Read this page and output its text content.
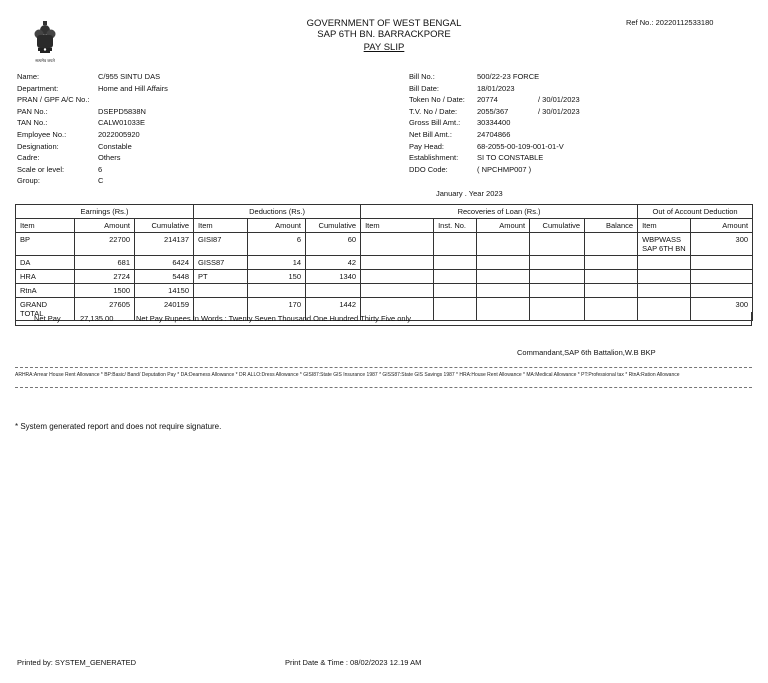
सत्यमेव जयते
GOVERNMENT OF WEST BENGAL
SAP 6TH BN. BARRACKPORE
PAY SLIP
Ref No.: 20220112533180
Name:	C/955 SINTU DAS
Department:	Home and Hill Affairs
PRAN / GPF A/C No.:
PAN No.:	DSEPD5838N
TAN No.:	CALW01033E
Employee No.:	2022005920
Designation:	Constable
Cadre:	Others
Scale or level:	6
Group:	C
Bill No.:	500/22-23 FORCE
Bill Date:	18/01/2023
Token No / Date: 20774	/ 30/01/2023
T.V. No / Date:	2055/367	/ 30/01/2023
Gross Bill Amt.: 30334400
Net Bill Amt.:	24704866
Pay Head:	68-2055-00-109-001-01-V
Establishment:	SI TO CONSTABLE
DDO Code:	( NPCHMP007 )
January . Year 2023
Earnings (Rs.)			Deductions (Rs.)			Recoveries of Loan (Rs.)					Out of Account Deduction	
Item	Amount	Cumulative	Item	Amount	Cumulative	Item	Inst. No.	Amount	Cumulative	Balance	Item	Amount
BP	22700	214137	GISI87	6	60						WBPWASS SAP 6TH BN	300
DA	681	6424	GISS87	14	42							
HRA	2724	5448	PT	150	1340							
RtnA	1500	14150										
GRAND TOTAL	27605	240159		170	1442							300
Net Pay	27,135.00	Net Pay Rupees In Words : Twenty Seven Thousand One Hundred Thirty Five only
Commandant,SAP 6th Battalion,W.B BKP
ARHRA:Arrear House Rent Allowance * BP:Basic/ Band/ Deputation Pay * DA:Dearness Allowance * DR ALLO:Dress Allowance * GISI87:State GIS Insurance 1987 * GISS87:State GIS Savings 1987 * HRA:House Rent Allowance * MA:Medical Allowance * PT:Professional tax * RtnA:Ration Allowance
* System generated report and does not require signature.
Printed by: SYSTEM_GENERATED	Print Date & Time : 08/02/2023 12.19 AM
